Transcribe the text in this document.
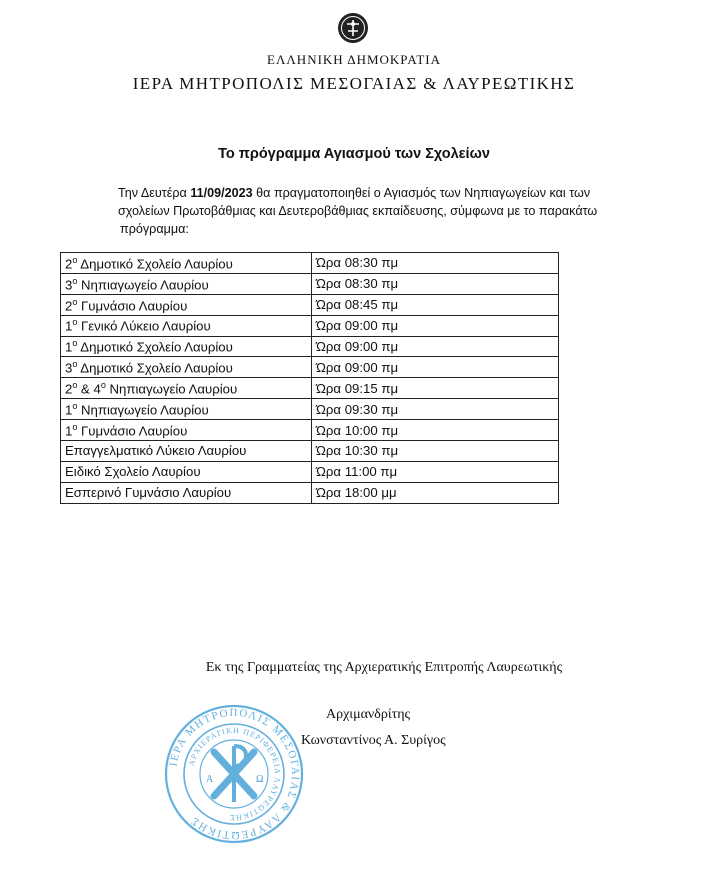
ΕΛΛΗΝΙΚΗ ΔΗΜΟΚΡΑΤΙΑ
ΙΕΡΑ ΜΗΤΡΟΠΟΛΙΣ ΜΕΣΟΓΑΙΑΣ & ΛΑΥΡΕΩΤΙΚΗΣ
Το πρόγραμμα Αγιασμού των Σχολείων
Την Δευτέρα 11/09/2023 θα πραγματοποιηθεί ο Αγιασμός των Νηπιαγωγείων και των
σχολείων Πρωτοβάθμιας και Δευτεροβάθμιας εκπαίδευσης, σύμφωνα με το παρακάτω
πρόγραμμα:
$2^o$ Δημοτικό Σχολείο Λαυρίου	Ώρα 08:30 πμ
$3^o$ Νηπιαγωγείο Λαυρίου	Ώρα 08:30 πμ
$2^o$ Γυμνάσιο Λαυρίου	Ώρα 08:45 πμ
$1^o$ Γενικό Λύκειο Λαυρίου	Ώρα 09:00 πμ
$1^o$ Δημοτικό Σχολείο Λαυρίου	Ώρα 09:00 πμ
$3^o$ Δημοτικό Σχολείο Λαυρίου	Ώρα 09:00 πμ
$2^o$ & $4^o$ Νηπιαγωγείο Λαυρίου	Ώρα 09:15 πμ
$1^o$ Νηπιαγωγείο Λαυρίου	Ώρα 09:30 πμ
$1^o$ Γυμνάσιο Λαυρίου	Ώρα 10:00 πμ
Επαγγελματικό Λύκειο Λαυρίου	Ώρα 10:30 πμ
Ειδικό Σχολείο Λαυρίου	Ώρα 11:00 πμ
Εσπερινό Γυμνάσιο Λαυρίου	Ώρα 18:00 μμ
Εκ της Γραμματείας της Αρχιερατικής Επιτροπής Λαυρεωτικής
Αρχιμανδρίτης
Κωνσταντίνος Α. Συρίγος
ΙΕΡΑ ΜΗΤΡΟΠΟΛΙΣ ΜΕΣΟΓΑΙΑΣ & ΛΑΥΡΕΩΤΙΚΗΣ
ΑΡΧΙΕΡΑΤΙΚΗ ΠΕΡΙΦΕΡΕΙΑ ΛΑΥΡΕΩΤΙΚΗΣ
Α	Ω
